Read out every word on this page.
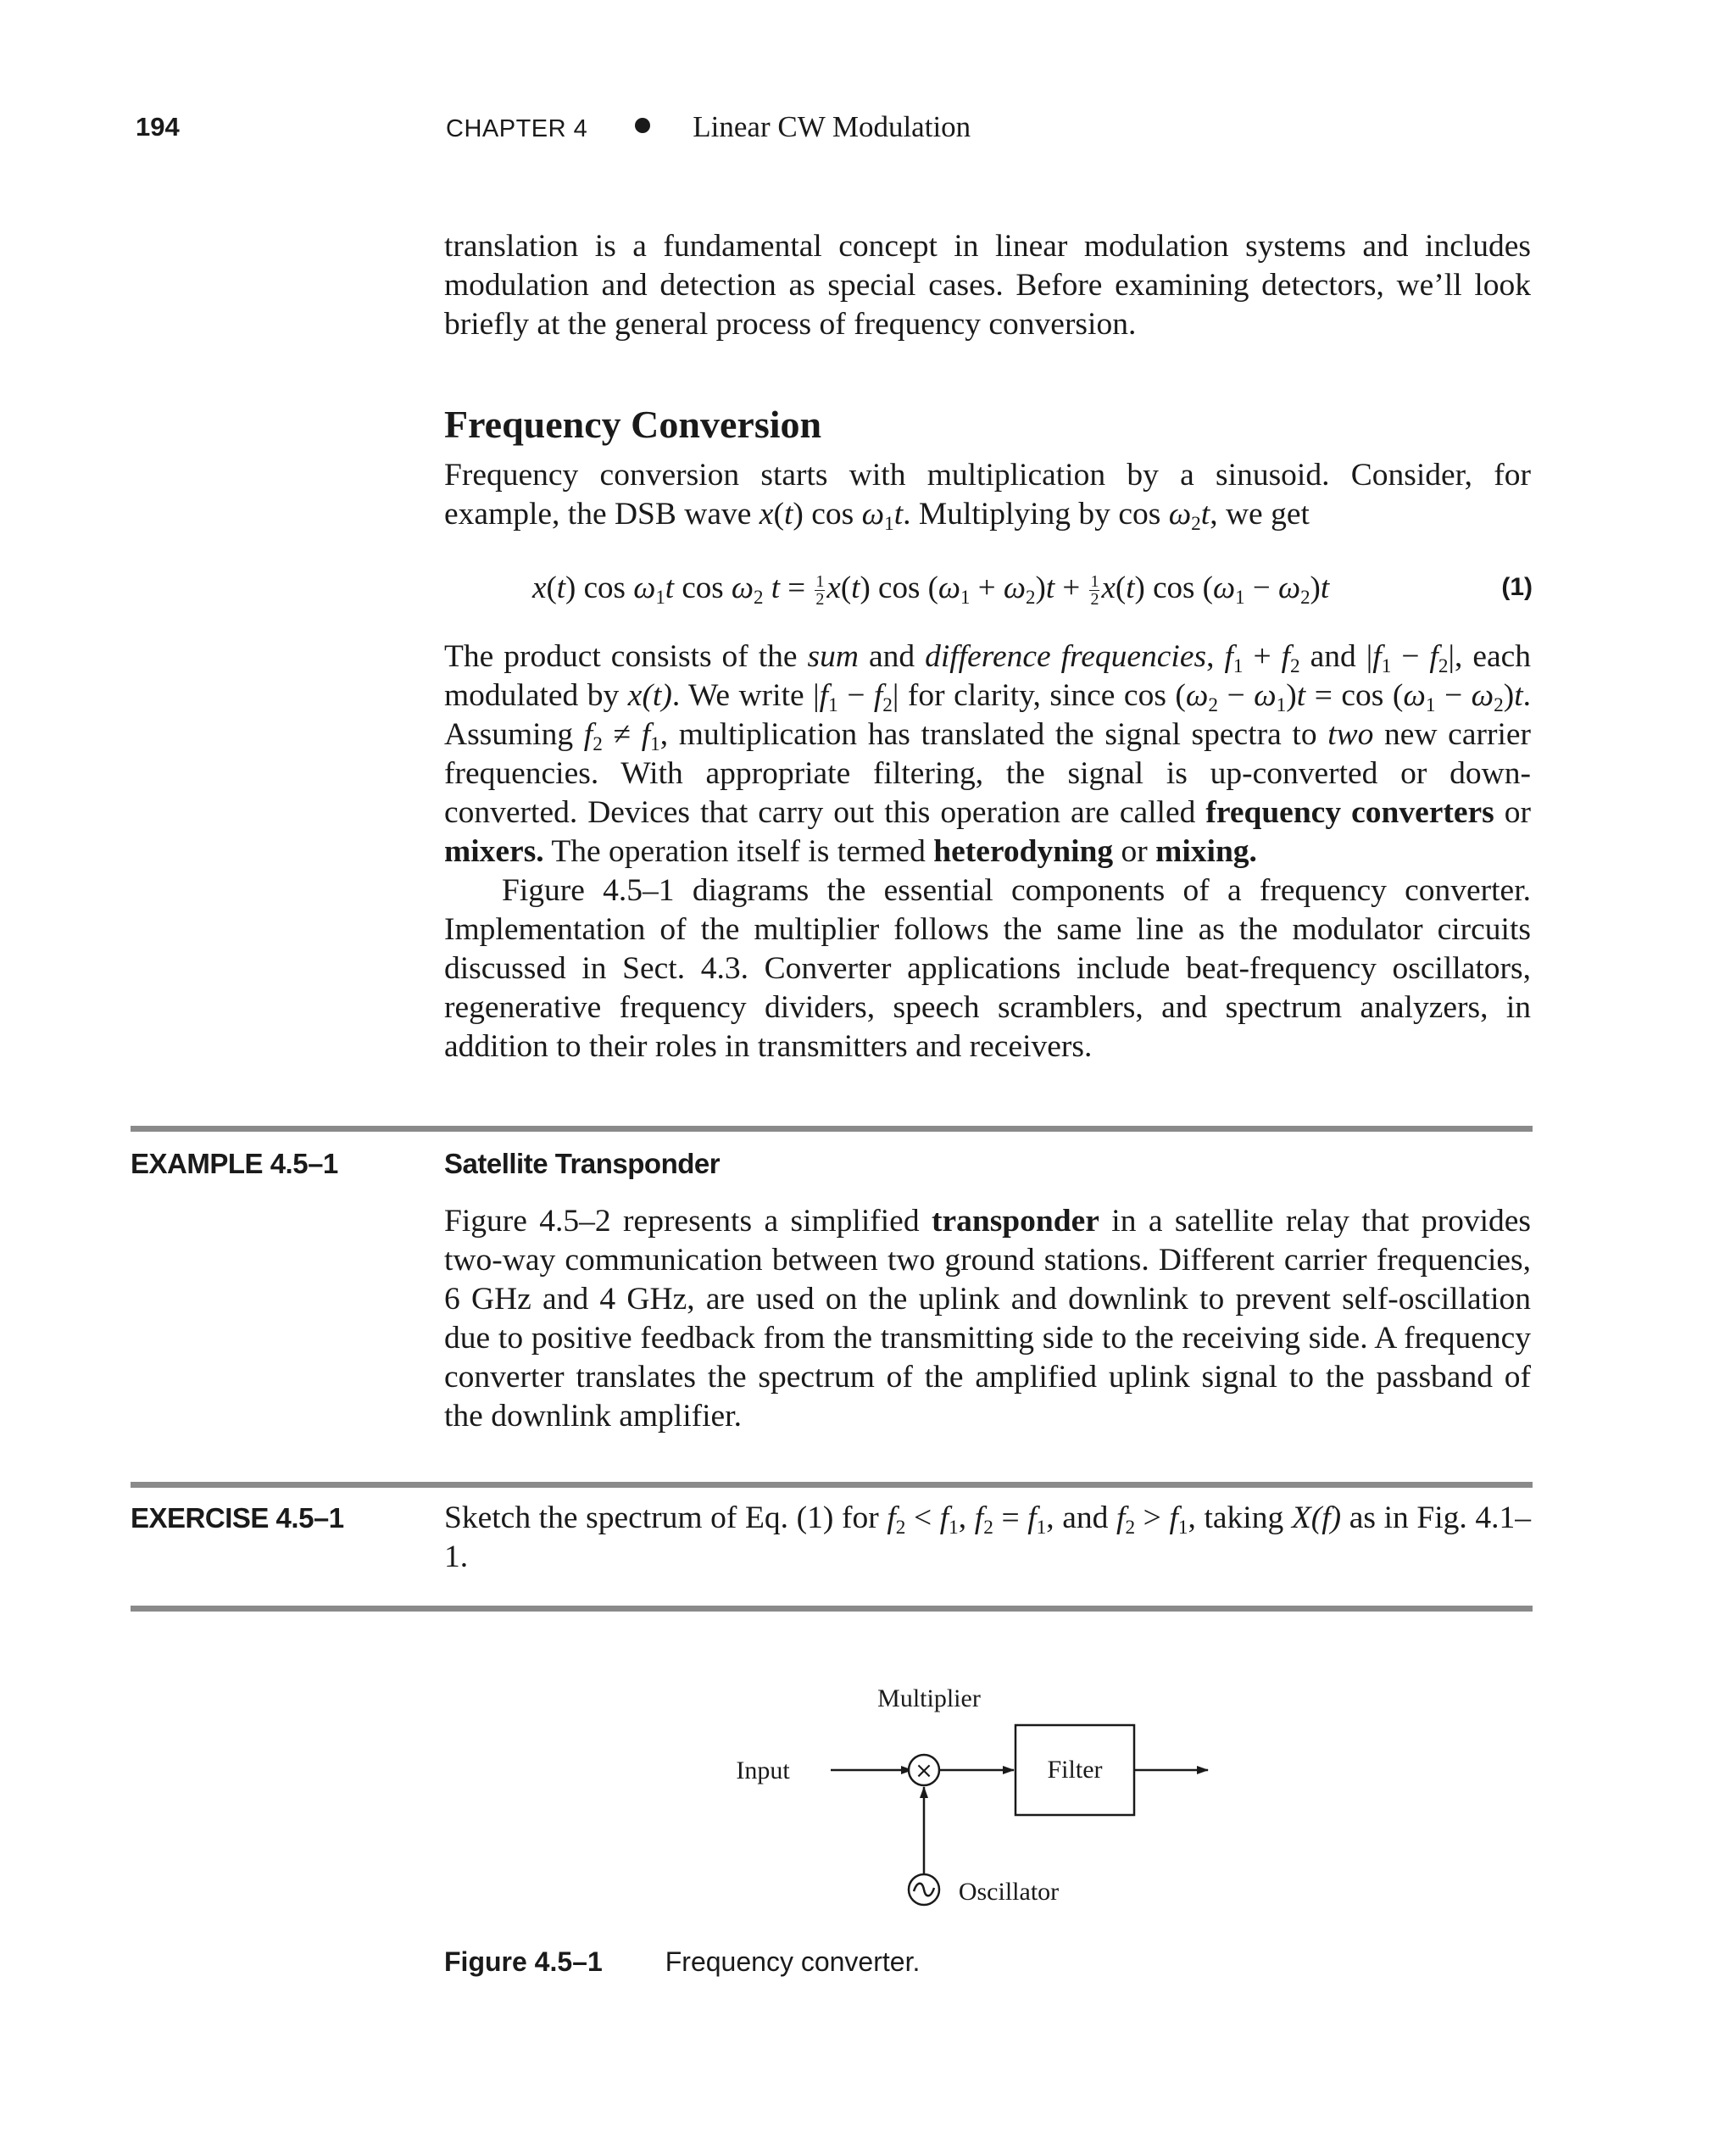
194	CHAPTER 4	Linear CW Modulation

translation is a fundamental concept in linear modulation systems and includes modulation and detection as special cases. Before examining detectors, we’ll look briefly at the general process of frequency conversion.

Frequency Conversion

Frequency conversion starts with multiplication by a sinusoid. Consider, for example, the DSB wave x(t) $\cos \omega_1t$. Multiplying by $\cos \omega_2t$, we get

x(t) $\cos \omega_1t$ $\cos \omega_2$ $t = \frac{1}{2} x(t)$ $\cos (\omega_1 + \omega_2)t + \frac{1}{2} x(t)$ $\cos (\omega_1 - \omega_2)t$	(1)

The product consists of the sum and difference frequencies, $f_1 + f_2$ and $|f_1 - f_2|$, each modulated by x(t). We write $|f_1 - f_2|$ for clarity, since $\cos (\omega_2 - \omega_1)t = \cos (\omega_1 - \omega_2)t$. Assuming $f_2 \ne f_1$, multiplication has translated the signal spectra to two new carrier frequencies. With appropriate filtering, the signal is up-converted or down-converted. Devices that carry out this operation are called frequency converters or mixers. The operation itself is termed heterodyning or mixing.

Figure 4.5–1 diagrams the essential components of a frequency converter. Implementation of the multiplier follows the same line as the modulator circuits discussed in Sect. 4.3. Converter applications include beat-frequency oscillators, regenerative frequency dividers, speech scramblers, and spectrum analyzers, in addition to their roles in transmitters and receivers.

EXAMPLE 4.5–1	Satellite Transponder

Figure 4.5–2 represents a simplified transponder in a satellite relay that provides two-way communication between two ground stations. Different carrier frequencies, 6 GHz and 4 GHz, are used on the uplink and downlink to prevent self-oscillation due to positive feedback from the transmitting side to the receiving side. A frequency converter translates the spectrum of the amplified uplink signal to the passband of the downlink amplifier.

EXERCISE 4.5–1	Sketch the spectrum of Eq. (1) for $f_2 < f_1$, $f_2 = f_1$, and $f_2 > f_1$, taking X(f) as in Fig. 4.1–1.

Multiplier
Input	×	Filter
Oscillator
Figure 4.5–1 Frequency converter.
